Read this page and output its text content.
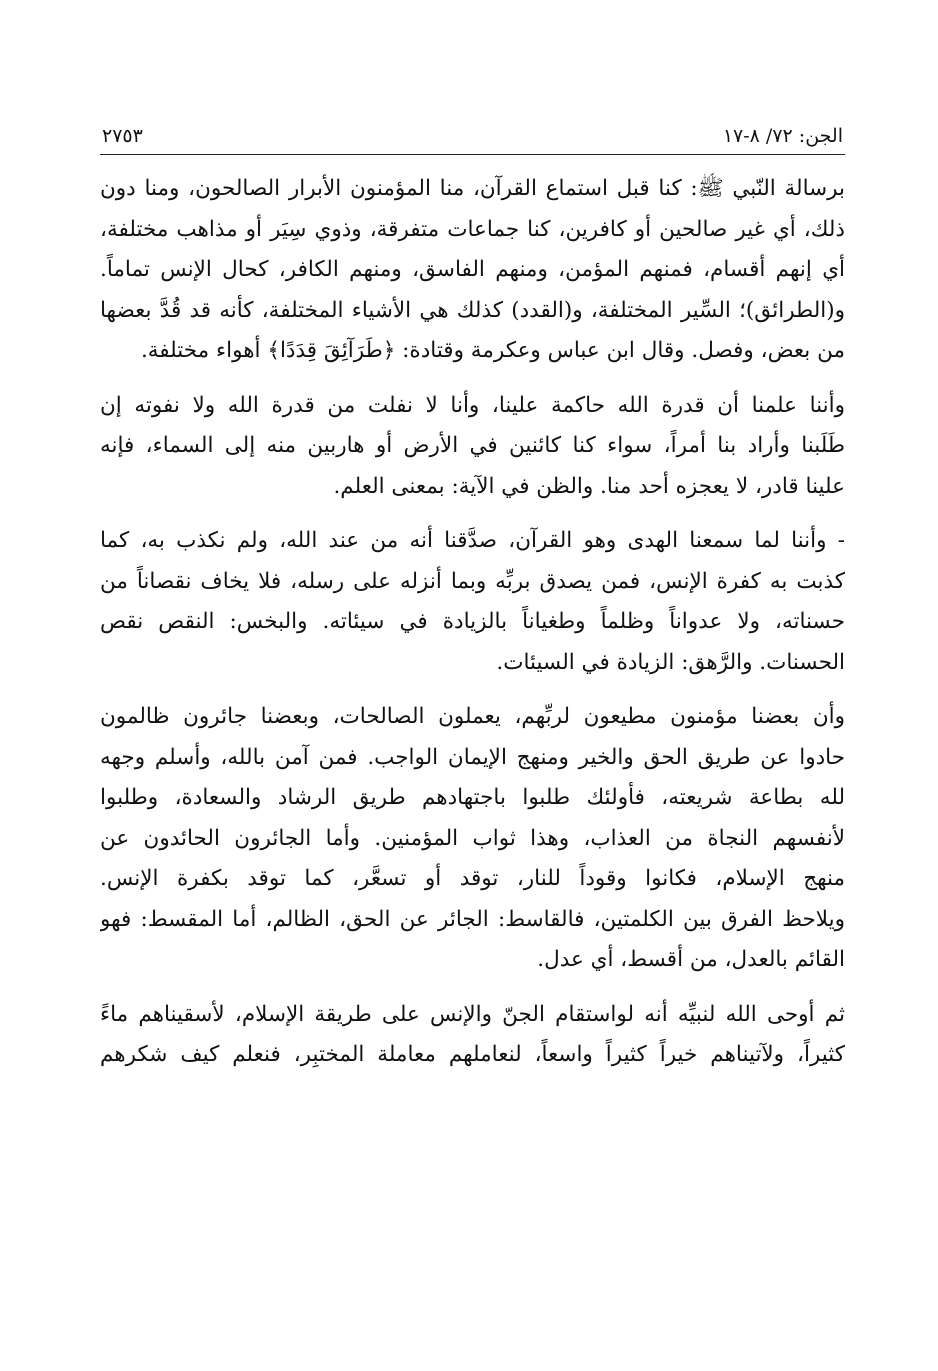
الجن: ٧٢/ ٨-١٧
٢٧٥٣

برسالة النّبي ﷺ: كنا قبل استماع القرآن، منا المؤمنون الأبرار الصالحون، ومنا دون
ذلك، أي غير صالحين أو كافرين، كنا جماعات متفرقة، وذوي سِيَر أو مذاهب مختلفة،
أي إنهم أقسام، فمنهم المؤمن، ومنهم الفاسق، ومنهم الكافر، كحال الإنس تماماً.
و(الطرائق)؛ السِّير المختلفة، و(القدد) كذلك هي الأشياء المختلفة، كأنه قد قُدَّ بعضها
من بعض، وفصل. وقال ابن عباس وعكرمة وقتادة: ﴿طَرَآئِقَ قِدَدًا﴾ أهواء مختلفة.

وأننا علمنا أن قدرة الله حاكمة علينا، وأنا لا نفلت من قدرة الله ولا نفوته إن
طَلَبنا وأراد بنا أمراً، سواء كنا كائنين في الأرض أو هاربين منه إلى السماء، فإنه
علينا قادر، لا يعجزه أحد منا. والظن في الآية: بمعنى العلم.

- وأننا لما سمعنا الهدى وهو القرآن، صدَّقنا أنه من عند الله، ولم نكذب به، كما
كذبت به كفرة الإنس، فمن يصدق بربِّه وبما أنزله على رسله، فلا يخاف نقصاناً من
حسناته، ولا عدواناً وظلماً وطغياناً بالزيادة في سيئاته. والبخس: النقص نقص
الحسنات. والرَّهق: الزيادة في السيئات.

وأن بعضنا مؤمنون مطيعون لربِّهم، يعملون الصالحات، وبعضنا جائرون ظالمون
حادوا عن طريق الحق والخير ومنهج الإيمان الواجب. فمن آمن بالله، وأسلم وجهه
لله بطاعة شريعته، فأولئك طلبوا باجتهادهم طريق الرشاد والسعادة، وطلبوا
لأنفسهم النجاة من العذاب، وهذا ثواب المؤمنين. وأما الجائرون الحائدون عن
منهج الإسلام، فكانوا وقوداً للنار، توقد أو تسعَّر، كما توقد بكفرة الإنس.
ويلاحظ الفرق بين الكلمتين، فالقاسط: الجائر عن الحق، الظالم، أما المقسط: فهو
القائم بالعدل، من أقسط، أي عدل.

ثم أوحى الله لنبيِّه أنه لواستقام الجنّ والإنس على طريقة الإسلام، لأسقيناهم ماءً
كثيراً، ولآتيناهم خيراً كثيراً واسعاً، لنعاملهم معاملة المختبِر، فنعلم كيف شكرهم
